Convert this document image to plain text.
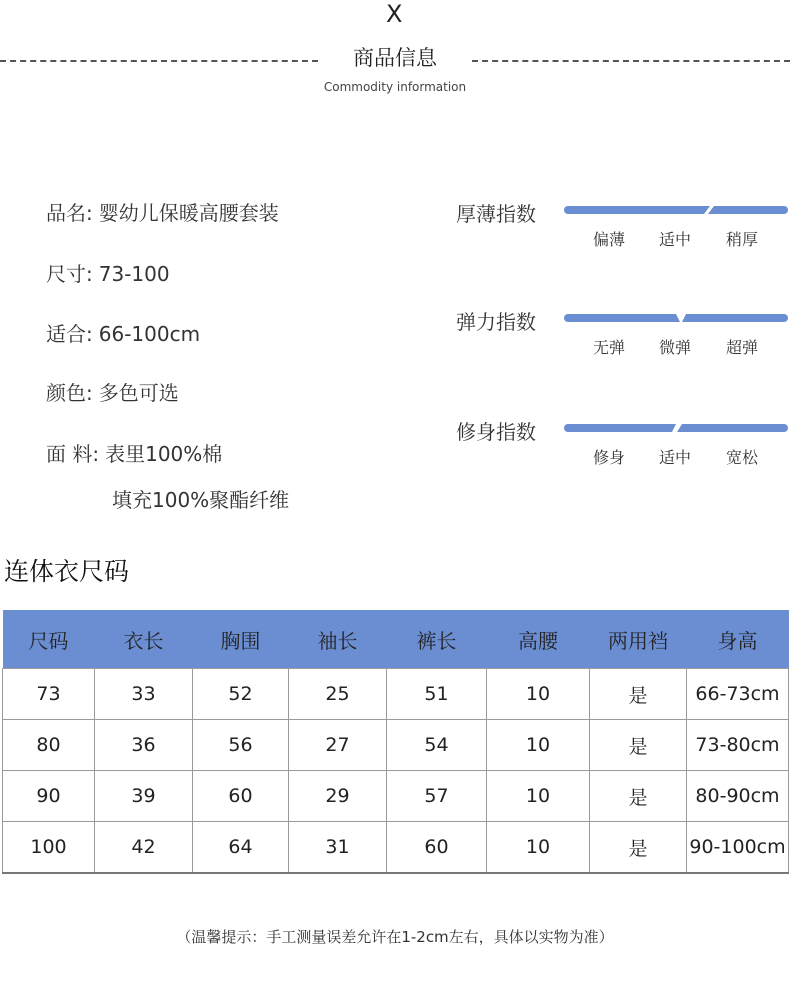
X
商品信息
Commodity information
品名: 婴幼儿保暖高腰套装
尺寸: 73-100
适合: 66-100cm
颜色: 多色可选
面 料: 表里100%棉
填充100%聚酯纤维
厚薄指数
偏薄	适中	稍厚
弹力指数
无弹	微弹	超弹
修身指数
修身	适中	宽松
连体衣尺码
尺码	衣长	胸围	袖长	裤长	高腰	两用裆	身高
73	33	52	25	51	10	是	66-73cm
80	36	56	27	54	10	是	73-80cm
90	39	60	29	57	10	是	80-90cm
100	42	64	31	60	10	是	90-100cm
（温馨提示：手工测量误差允许在1-2cm左右，具体以实物为准）
